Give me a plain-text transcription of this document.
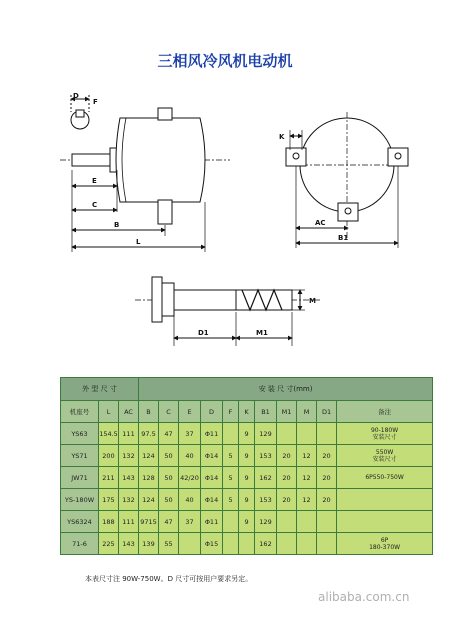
三相风冷风机电动机
D
F
E
C
B
L
K
AC
B1
M
D1	M1
外 型 尺 寸			安 装 尺 寸(mm)										
机座号	L	AC	B	C	E	D	F	K	B1	M1	M	D1	备注
YS63	154.5	111	97.5	47	37	Φ11		9	129				90-180W
安装尺寸

YS71	200	132	124	50	40	Φ14	5	9	153	20	12	20	550W
安装尺寸

JW71	211	143	128	50	42/20	Φ14	5	9	162	20	12	20	6P550-750W

YS-180W	175	132	124	50	40	Φ14	5	9	153	20	12	20	

YS6324	188	111	9715	47	37	Φ11		9	129				

71-6	225	143	139	55		Φ15			162				6P
180-370W
本表尺寸注 90W-750W。D 尺寸可按用户要求另定。
alibaba.com.cn
